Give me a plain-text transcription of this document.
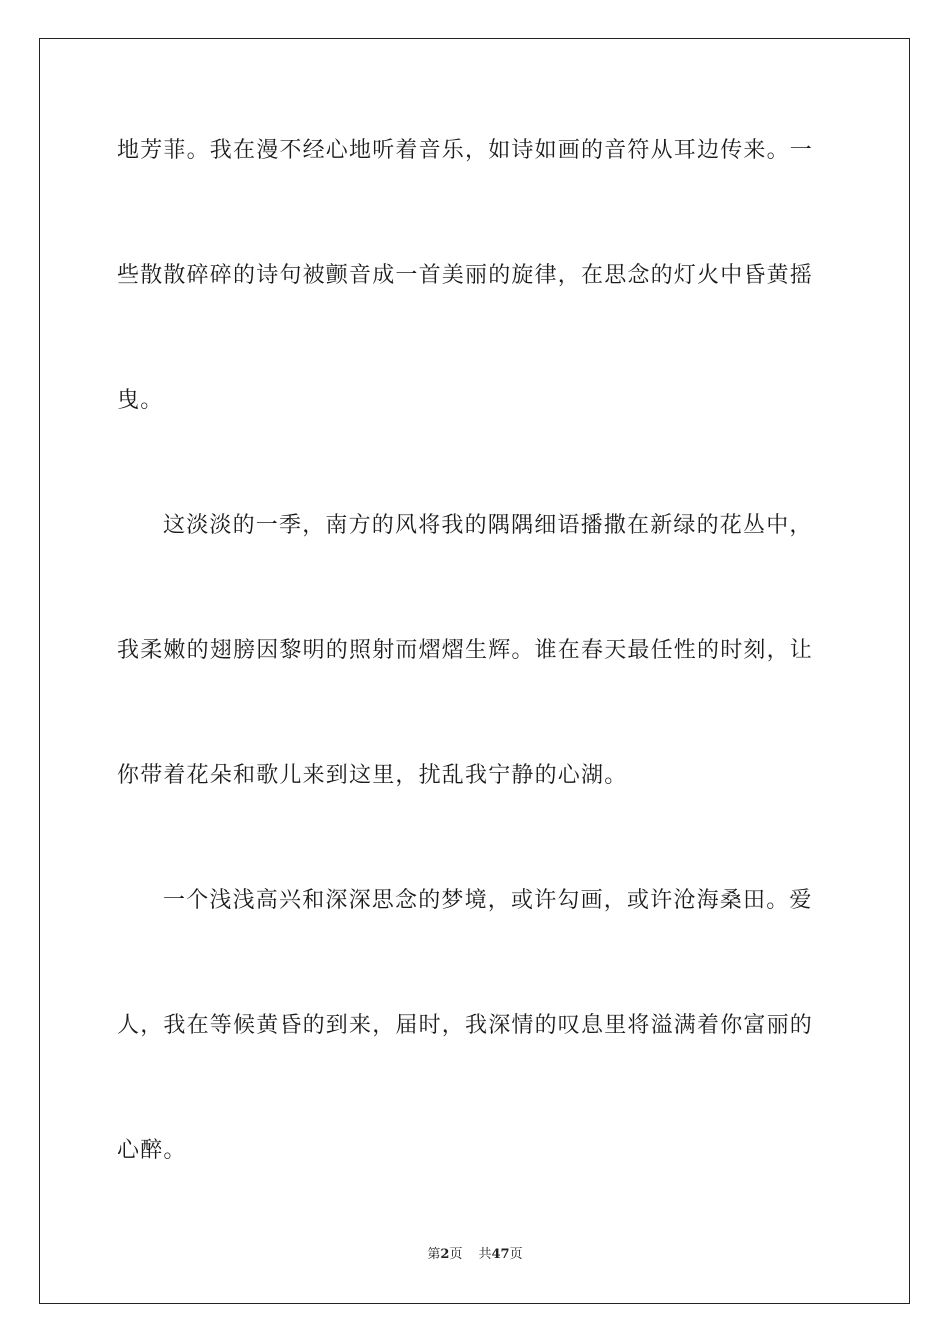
地芳菲。我在漫不经心地听着音乐，如诗如画的音符从耳边传来。一
些散散碎碎的诗句被颤音成一首美丽的旋律，在思念的灯火中昏黄摇
曳。
这淡淡的一季，南方的风将我的隅隅细语播撒在新绿的花丛中，
我柔嫩的翅膀因黎明的照射而熠熠生辉。谁在春天最任性的时刻，让
你带着花朵和歌儿来到这里，扰乱我宁静的心湖。
一个浅浅高兴和深深思念的梦境，或许勾画，或许沧海桑田。爱
人，我在等候黄昏的到来，届时，我深情的叹息里将溢满着你富丽的
心醉。
第2页 共47页
